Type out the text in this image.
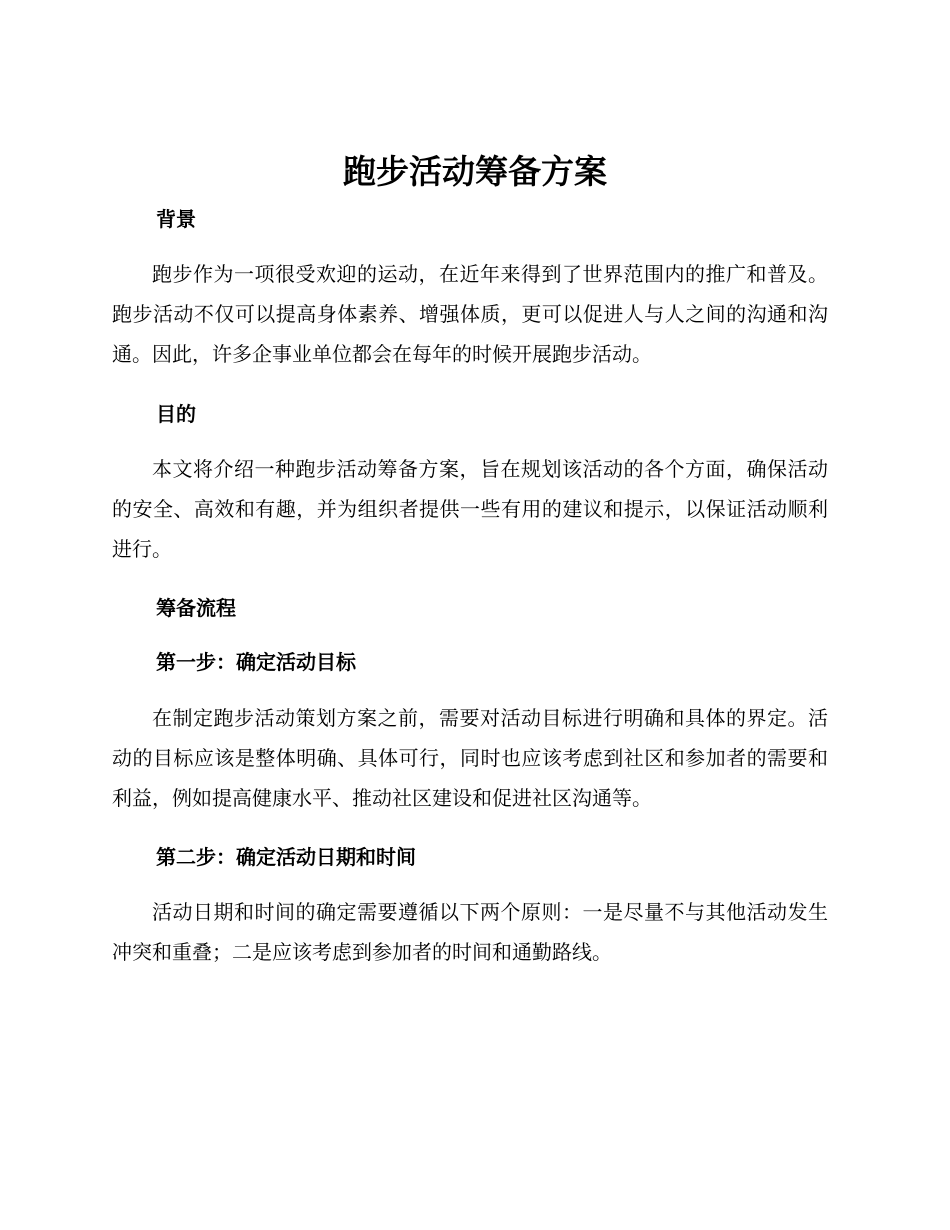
跑步活动筹备方案
背景

跑步作为一项很受欢迎的运动，在近年来得到了世界范围内的推广和普及。跑步活动不仅可以提高身体素养、增强体质，更可以促进人与人之间的沟通和沟通。因此，许多企事业单位都会在每年的时候开展跑步活动。

目的

本文将介绍一种跑步活动筹备方案，旨在规划该活动的各个方面，确保活动的安全、高效和有趣，并为组织者提供一些有用的建议和提示，以保证活动顺利进行。

筹备流程
第一步：确定活动目标

在制定跑步活动策划方案之前，需要对活动目标进行明确和具体的界定。活动的目标应该是整体明确、具体可行，同时也应该考虑到社区和参加者的需要和利益，例如提高健康水平、推动社区建设和促进社区沟通等。

第二步：确定活动日期和时间

活动日期和时间的确定需要遵循以下两个原则：一是尽量不与其他活动发生冲突和重叠；二是应该考虑到参加者的时间和通勤路线。
